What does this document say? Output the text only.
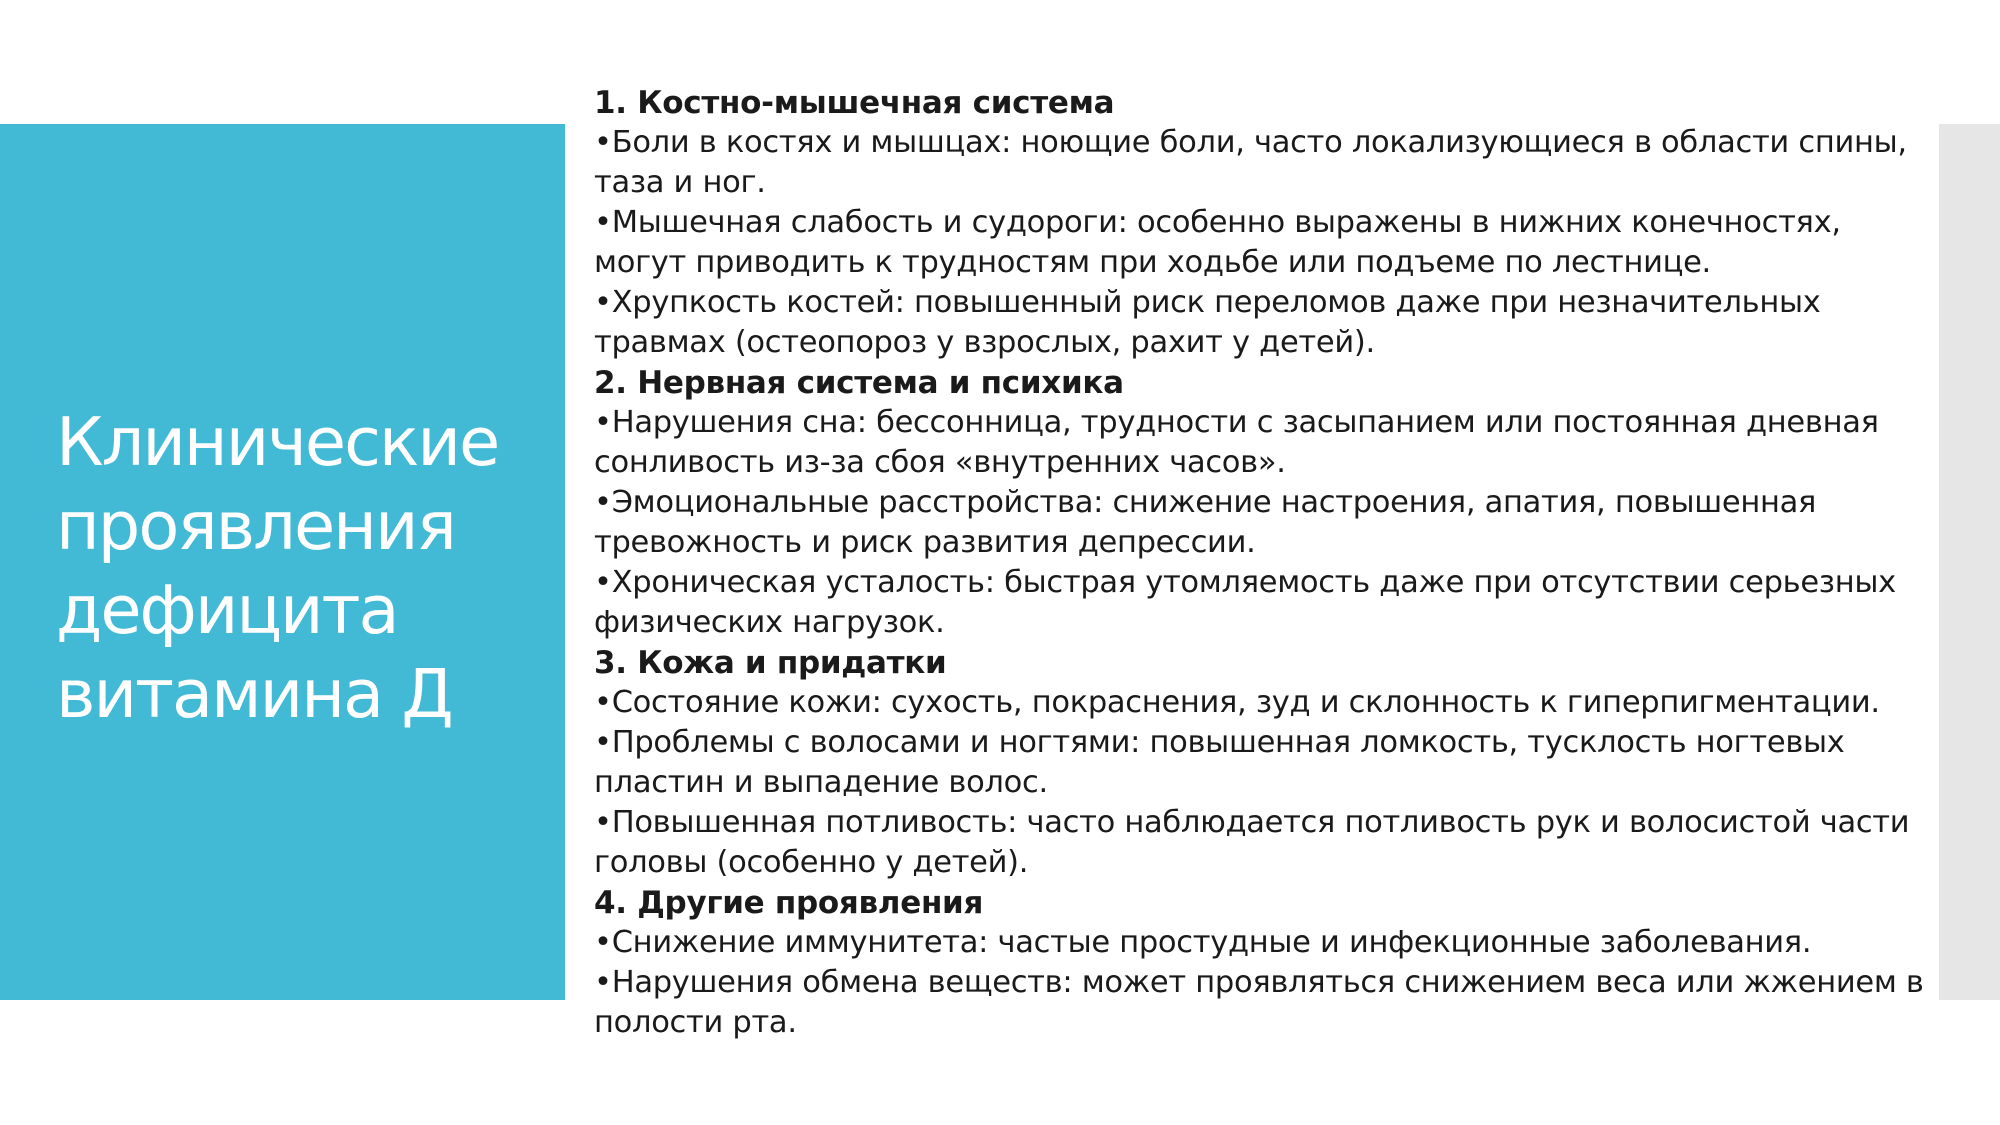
Клинические проявления дефицита витамина Д

1. Костно-мышечная система

•Боли в костях и мышцах: ноющие боли, часто локализующиеся в области спины, таза и ног.

•Мышечная слабость и судороги: особенно выражены в нижних конечностях, могут приводить к трудностям при ходьбе или подъеме по лестнице.

•Хрупкость костей: повышенный риск переломов даже при незначительных травмах (остеопороз у взрослых, рахит у детей).

2. Нервная система и психика

•Нарушения сна: бессонница, трудности с засыпанием или постоянная дневная сонливость из-за сбоя «внутренних часов».

•Эмоциональные расстройства: снижение настроения, апатия, повышенная тревожность и риск развития депрессии.

•Хроническая усталость: быстрая утомляемость даже при отсутствии серьезных физических нагрузок.

3. Кожа и придатки

•Состояние кожи: сухость, покраснения, зуд и склонность к гиперпигментации.

•Проблемы с волосами и ногтями: повышенная ломкость, тусклость ногтевых пластин и выпадение волос.

•Повышенная потливость: часто наблюдается потливость рук и волосистой части головы (особенно у детей).

4. Другие проявления

•Снижение иммунитета: частые простудные и инфекционные заболевания.

•Нарушения обмена веществ: может проявляться снижением веса или жжением в полости рта.
